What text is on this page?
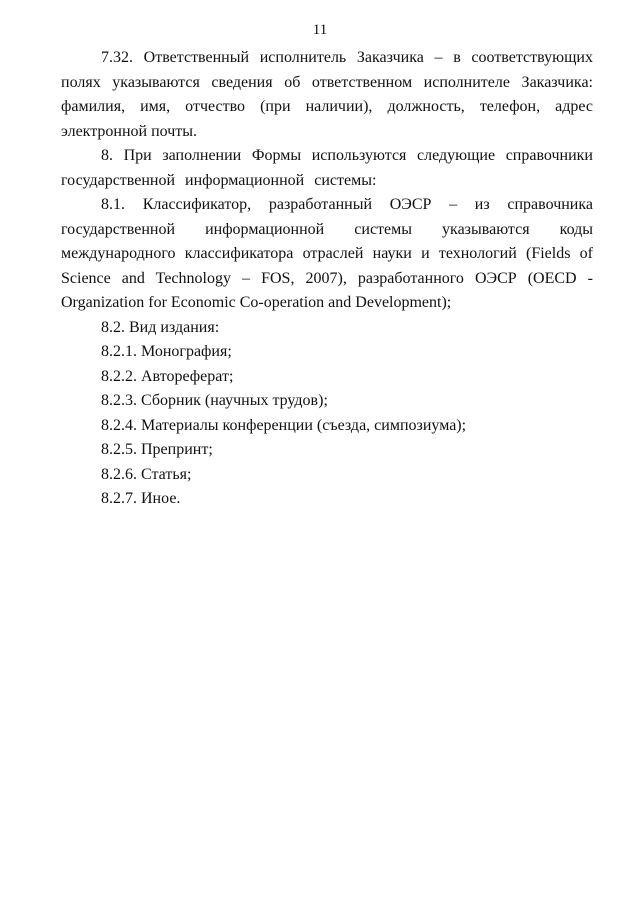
11

7.32. Ответственный исполнитель Заказчика – в соответствующих полях указываются сведения об ответственном исполнителе Заказчика: фамилия, имя, отчество (при наличии), должность, телефон, адрес электронной почты.

8. При заполнении Формы используются следующие справочники государственной информационной системы:

8.1. Классификатор, разработанный ОЭСР – из справочника государственной информационной системы указываются коды международного классификатора отраслей науки и технологий (Fields of Science and Technology – FOS, 2007), разработанного ОЭСР (OECD - Organization for Economic Co-operation and Development);

8.2. Вид издания:

8.2.1. Монография;

8.2.2. Автореферат;

8.2.3. Сборник (научных трудов);

8.2.4. Материалы конференции (съезда, симпозиума);

8.2.5. Препринт;

8.2.6. Статья;

8.2.7. Иное.
